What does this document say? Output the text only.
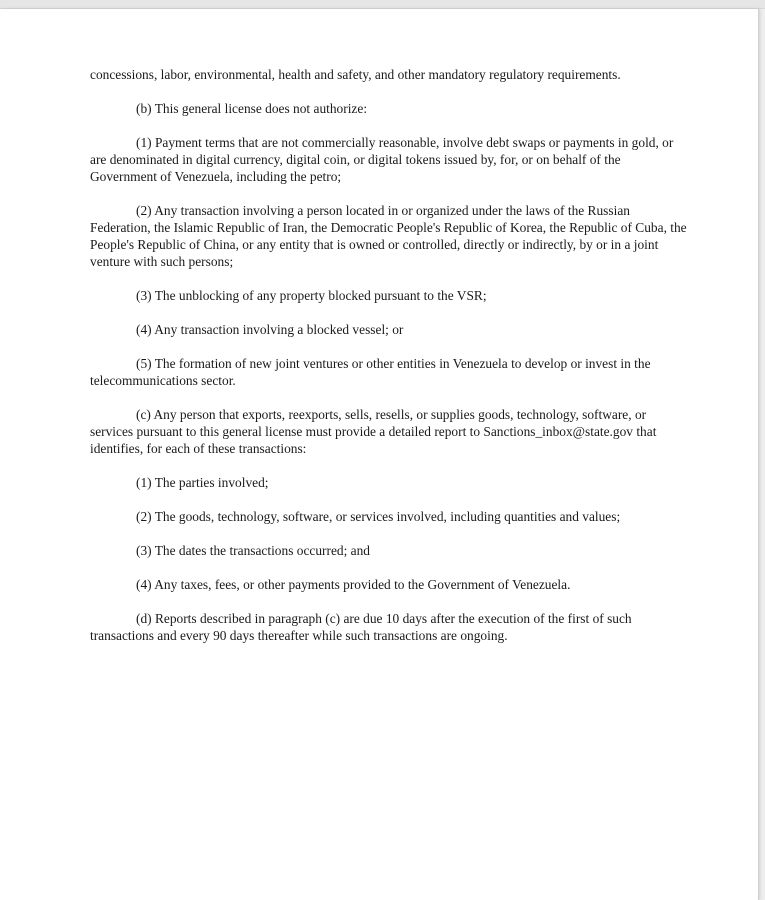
concessions, labor, environmental, health and safety, and other mandatory regulatory requirements.

(b) This general license does not authorize:

(1) Payment terms that are not commercially reasonable, involve debt swaps or payments in gold, or are denominated in digital currency, digital coin, or digital tokens issued by, for, or on behalf of the Government of Venezuela, including the petro;

(2) Any transaction involving a person located in or organized under the laws of the Russian Federation, the Islamic Republic of Iran, the Democratic People's Republic of Korea, the Republic of Cuba, the People's Republic of China, or any entity that is owned or controlled, directly or indirectly, by or in a joint venture with such persons;

(3) The unblocking of any property blocked pursuant to the VSR;

(4) Any transaction involving a blocked vessel; or

(5) The formation of new joint ventures or other entities in Venezuela to develop or invest in the telecommunications sector.

(c) Any person that exports, reexports, sells, resells, or supplies goods, technology, software, or services pursuant to this general license must provide a detailed report to Sanctions_inbox@state.gov that identifies, for each of these transactions:

(1) The parties involved;

(2) The goods, technology, software, or services involved, including quantities and values;

(3) The dates the transactions occurred; and

(4) Any taxes, fees, or other payments provided to the Government of Venezuela.

(d) Reports described in paragraph (c) are due 10 days after the execution of the first of such transactions and every 90 days thereafter while such transactions are ongoing.
